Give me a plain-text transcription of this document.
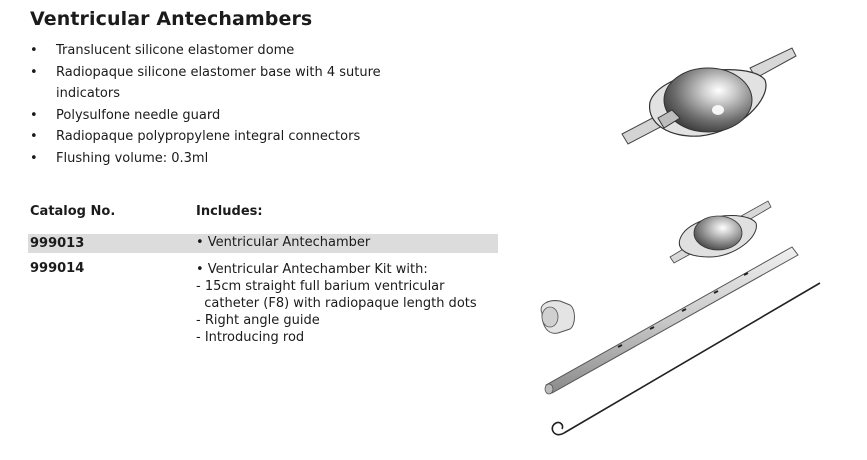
Ventricular Antechambers
• Translucent silicone elastomer dome
• Radiopaque silicone elastomer base with 4 suture
indicators
• Polysulfone needle guard
• Radiopaque polypropylene integral connectors
• Flushing volume: 0.3ml
Catalog No.	Includes:
999013	• Ventricular Antechamber
999014	• Ventricular Antechamber Kit with:
- 15cm straight full barium ventricular
catheter (F8) with radiopaque length dots
- Right angle guide
- Introducing rod
